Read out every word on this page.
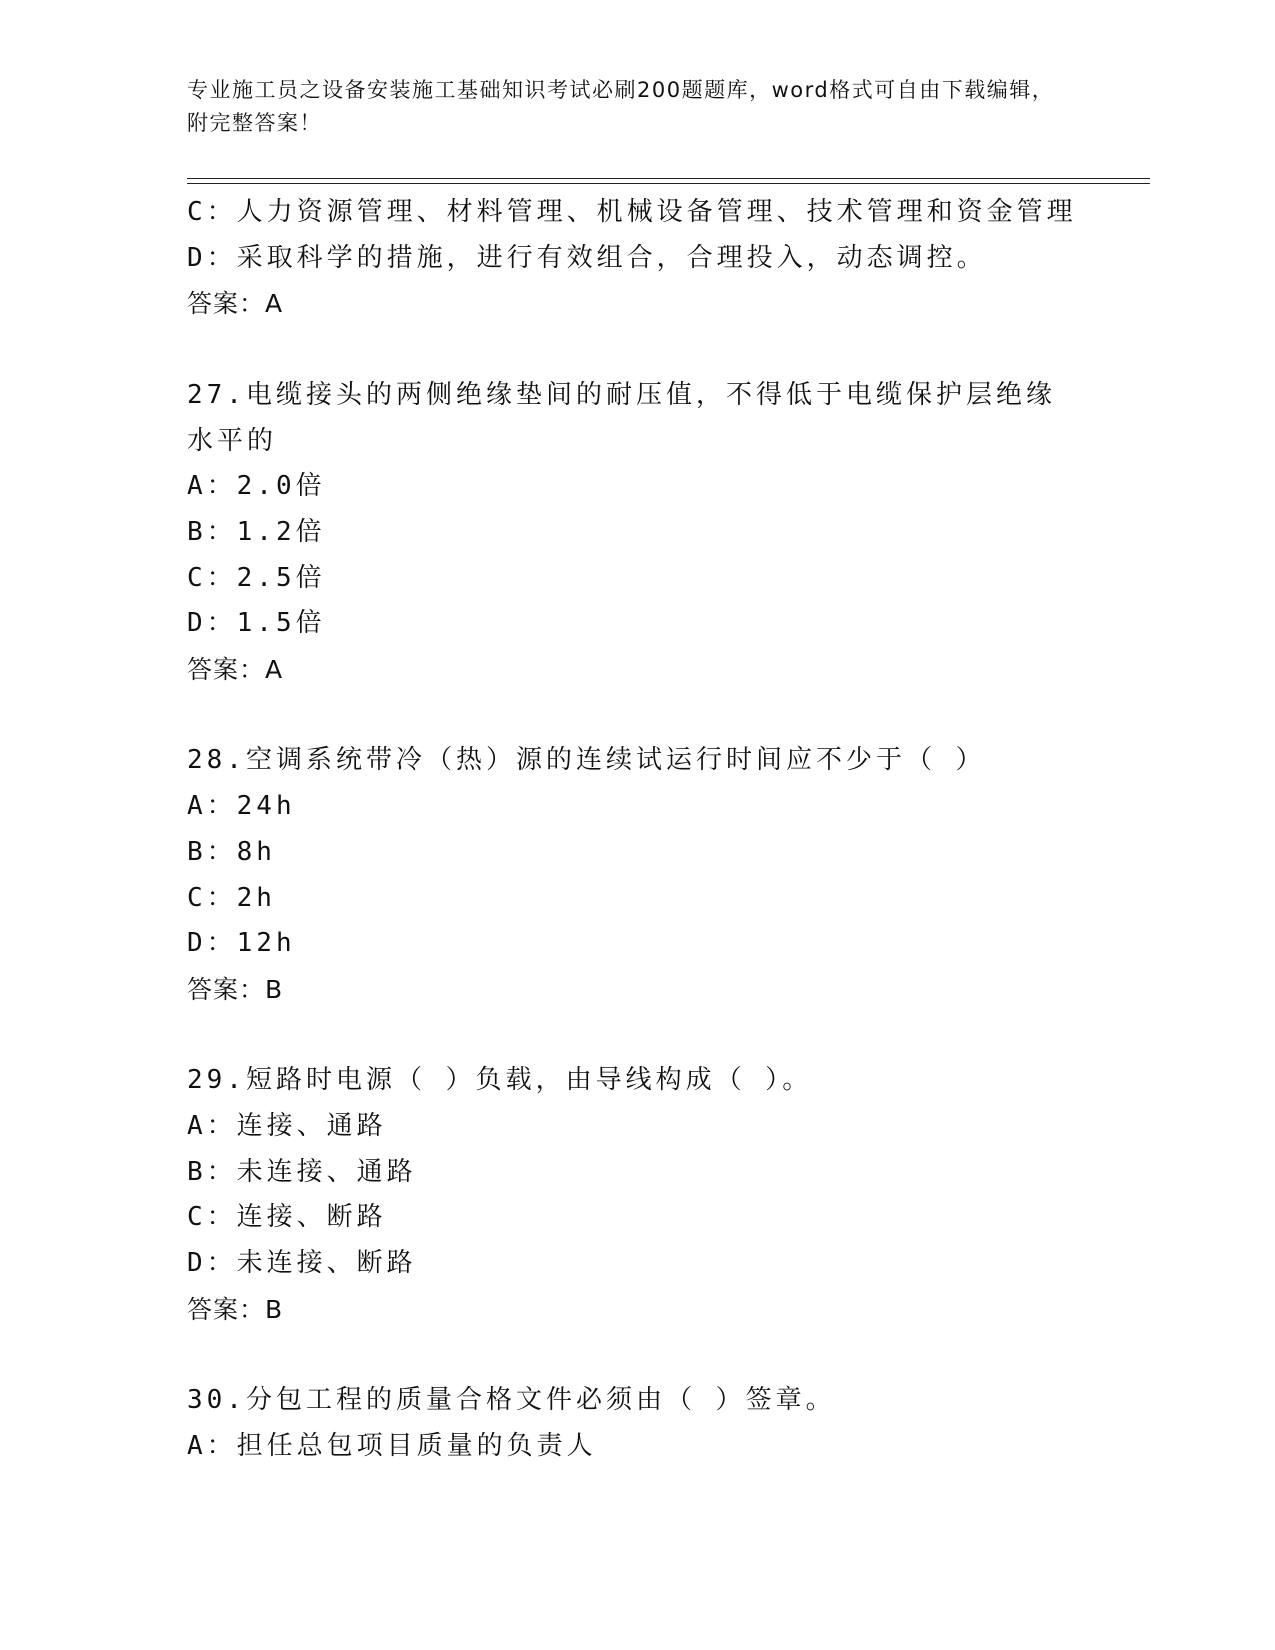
专业施工员之设备安装施工基础知识考试必刷200题题库，word格式可自由下载编辑，附完整答案！
C：人力资源管理、材料管理、机械设备管理、技术管理和资金管理
D：采取科学的措施，进行有效组合，合理投入，动态调控。
答案：A
27.电缆接头的两侧绝缘垫间的耐压值，不得低于电缆保护层绝缘水平的
A：2.0倍
B：1.2倍
C：2.5倍
D：1.5倍
答案：A
28.空调系统带冷（热）源的连续试运行时间应不少于（ ）
A：24h
B：8h
C：2h
D：12h
答案：B
29.短路时电源（ ）负载，由导线构成（ ）。
A：连接、通路
B：未连接、通路
C：连接、断路
D：未连接、断路
答案：B
30.分包工程的质量合格文件必须由（ ）签章。
A：担任总包项目质量的负责人
